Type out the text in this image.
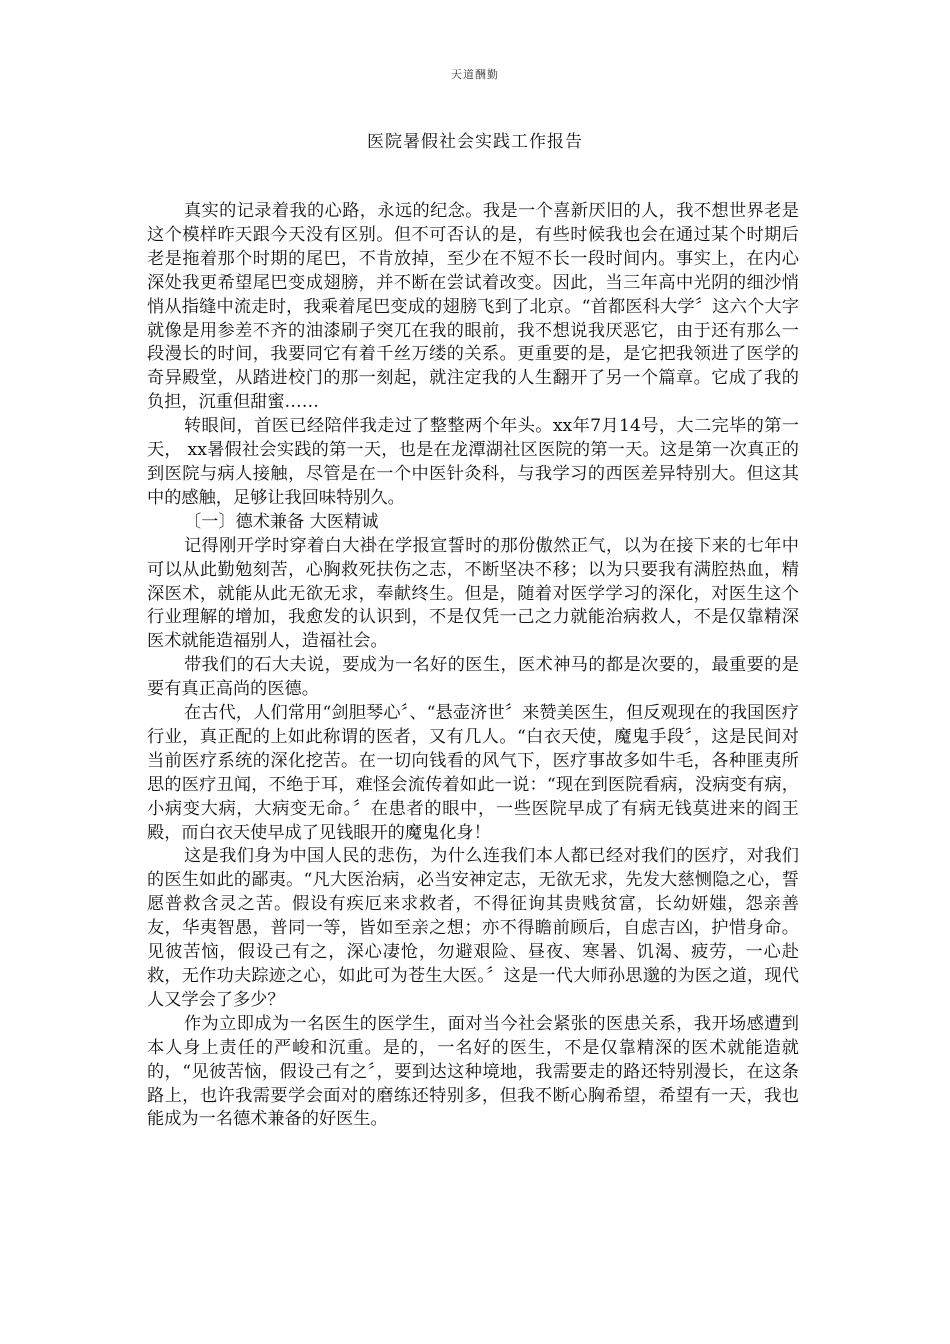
天道酬勤
医院暑假社会实践工作报告

真实的记录着我的心路，永远的纪念。我是一个喜新厌旧的人，我不想世界老是这个模样昨天跟今天没有区别。但不可否认的是，有些时候我也会在通过某个时期后老是拖着那个时期的尾巴，不肯放掉，至少在不短不长一段时间内。事实上，在内心深处我更希望尾巴变成翅膀，并不断在尝试着改变。因此，当三年高中光阴的细沙悄悄从指缝中流走时，我乘着尾巴变成的翅膀飞到了北京。“首都医科大学〞这六个大字就像是用参差不齐的油漆刷子突兀在我的眼前，我不想说我厌恶它，由于还有那么一段漫长的时间，我要同它有着千丝万缕的关系。更重要的是，是它把我领进了医学的奇异殿堂，从踏进校门的那一刻起，就注定我的人生翻开了另一个篇章。它成了我的负担，沉重但甜蜜……

转眼间，首医已经陪伴我走过了整整两个年头。xx年7月14号，大二完毕的第一天， xx暑假社会实践的第一天，也是在龙潭湖社区医院的第一天。这是第一次真正的到医院与病人接触，尽管是在一个中医针灸科，与我学习的西医差异特别大。但这其中的感触，足够让我回味特别久。

〔一〕德术兼备 大医精诚

记得刚开学时穿着白大褂在学报宣誓时的那份傲然正气，以为在接下来的七年中可以从此勤勉刻苦，心胸救死扶伤之志，不断坚决不移；以为只要我有满腔热血，精深医术，就能从此无欲无求，奉献终生。但是，随着对医学学习的深化，对医生这个行业理解的增加，我愈发的认识到，不是仅凭一己之力就能治病救人，不是仅靠精深医术就能造福别人，造福社会。

带我们的石大夫说，要成为一名好的医生，医术神马的都是次要的，最重要的是要有真正高尚的医德。

在古代，人们常用“剑胆琴心〞、“悬壶济世〞来赞美医生，但反观现在的我国医疗行业，真正配的上如此称谓的医者，又有几人。“白衣天使，魔鬼手段〞，这是民间对当前医疗系统的深化挖苦。在一切向钱看的风气下，医疗事故多如牛毛，各种匪夷所思的医疗丑闻，不绝于耳，难怪会流传着如此一说：“现在到医院看病，没病变有病，小病变大病，大病变无命。〞在患者的眼中，一些医院早成了有病无钱莫进来的阎王殿，而白衣天使早成了见钱眼开的魔鬼化身！

这是我们身为中国人民的悲伤，为什么连我们本人都已经对我们的医疗，对我们的医生如此的鄙夷。“凡大医治病，必当安神定志，无欲无求，先发大慈恻隐之心，誓愿普救含灵之苦。假设有疾厄来求救者，不得征询其贵贱贫富，长幼妍媸，怨亲善友，华夷智愚，普同一等，皆如至亲之想；亦不得瞻前顾后，自虑吉凶，护惜身命。见彼苦恼，假设己有之，深心凄怆，勿避艰险、昼夜、寒暑、饥渴、疲劳，一心赴救，无作功夫踪迹之心，如此可为苍生大医。〞这是一代大师孙思邈的为医之道，现代人又学会了多少？

作为立即成为一名医生的医学生，面对当今社会紧张的医患关系，我开场感遭到本人身上责任的严峻和沉重。是的，一名好的医生，不是仅靠精深的医术就能造就的，“见彼苦恼，假设己有之〞，要到达这种境地，我需要走的路还特别漫长，在这条路上，也许我需要学会面对的磨练还特别多，但我不断心胸希望，希望有一天，我也能成为一名德术兼备的好医生。
